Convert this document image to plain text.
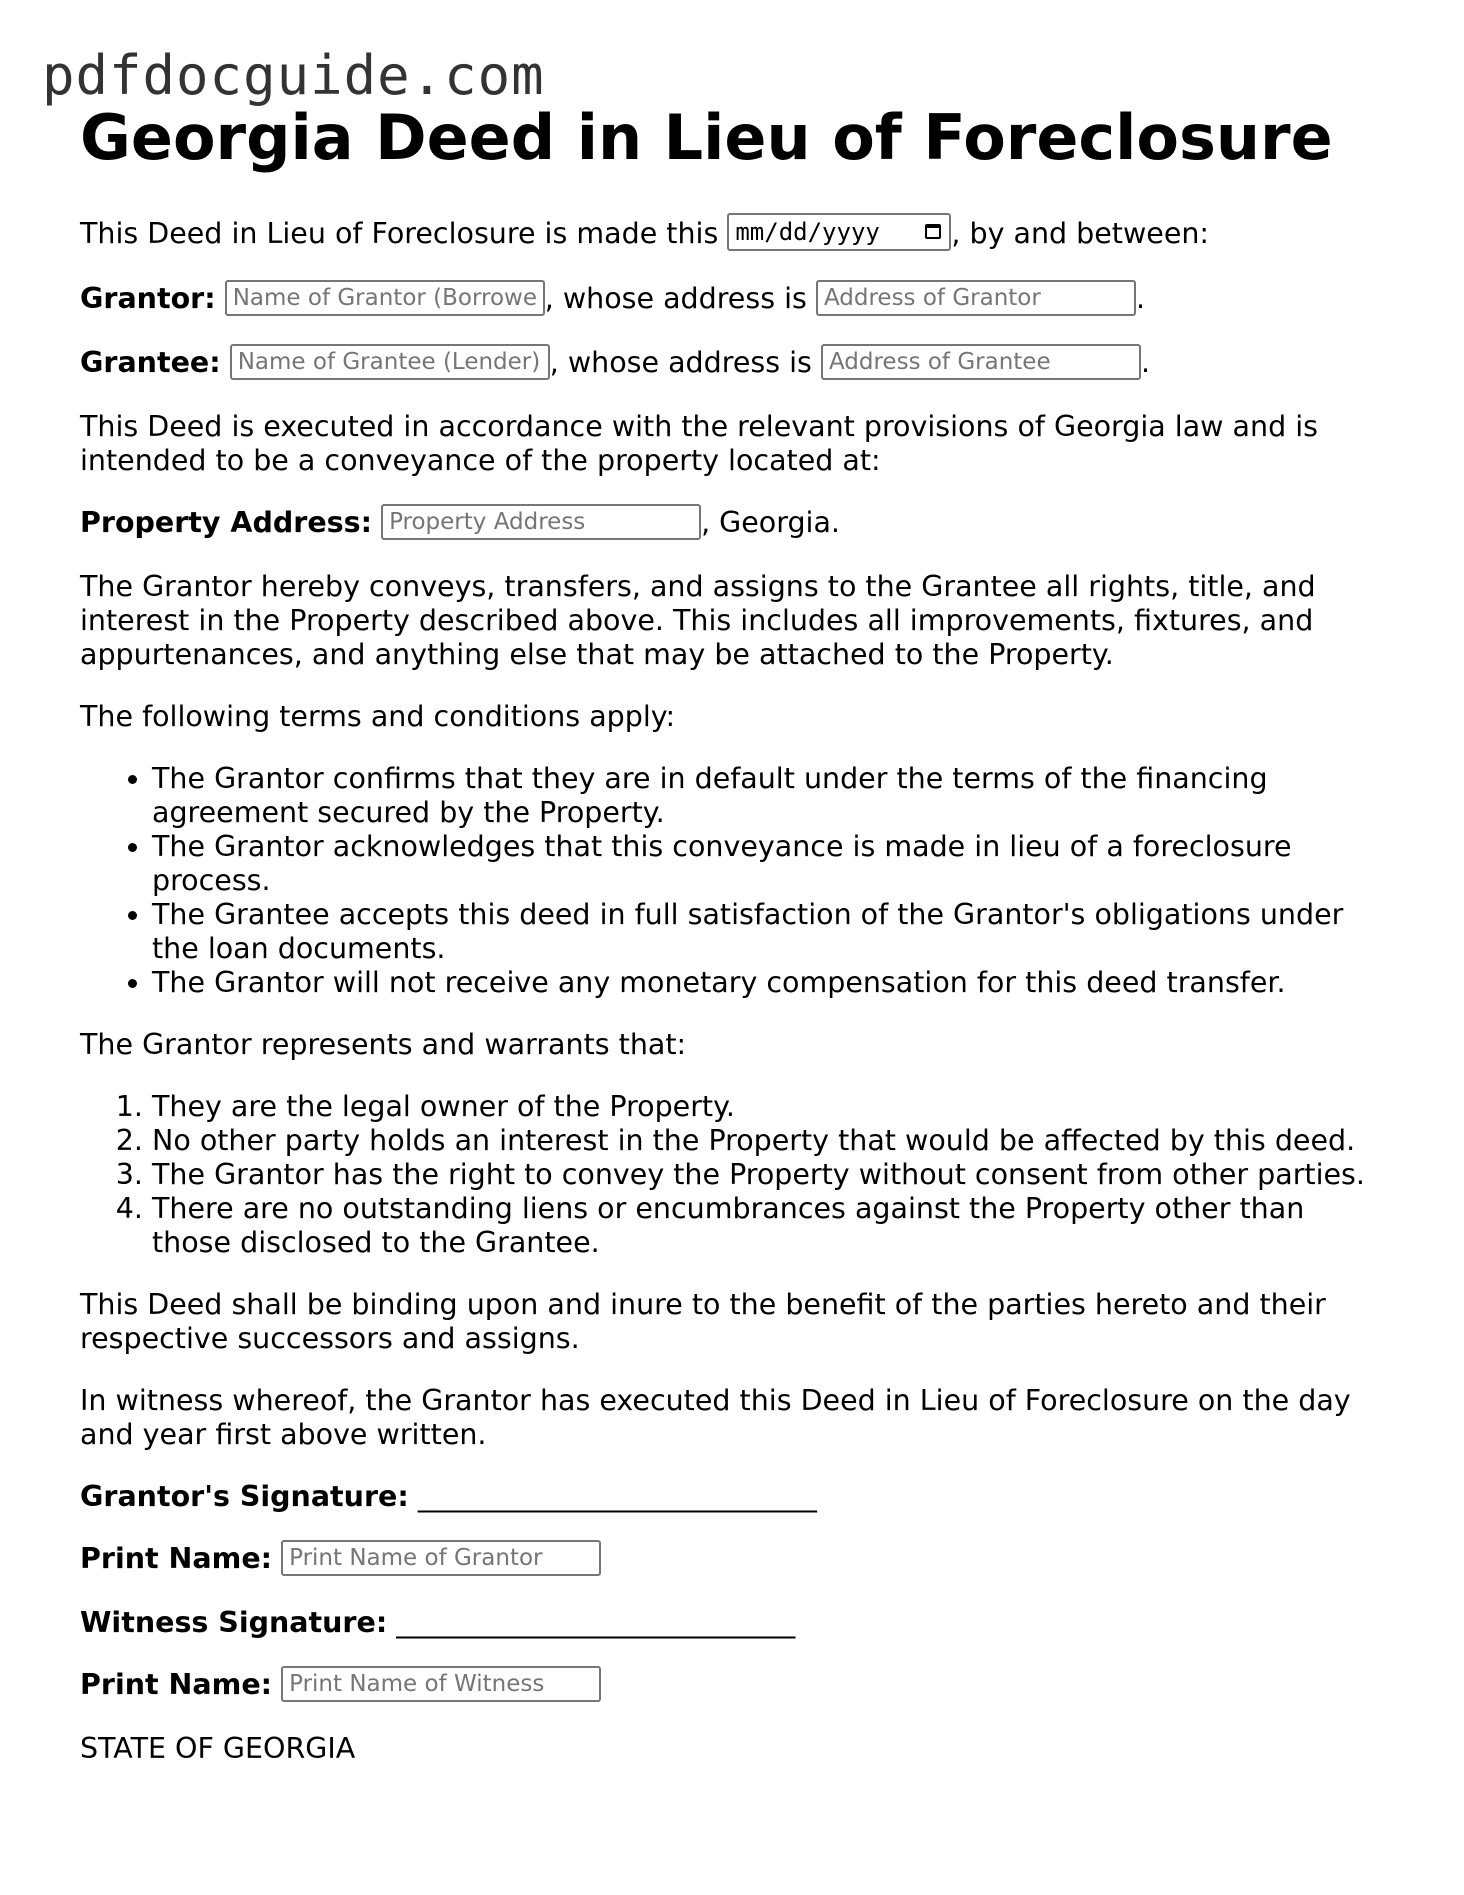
pdfdocguide.com
Georgia Deed in Lieu of Foreclosure
This Deed in Lieu of Foreclosure is made this mm/dd/yyyy	, by and between:
Grantor: Name of Grantor (Borrower)	, whose address is Address of Grantor	.
Grantee: Name of Grantee (Lender)	, whose address is Address of Grantee	.

This Deed is executed in accordance with the relevant provisions of Georgia law and is intended to be a conveyance of the property located at:

Property Address: Property Address	, Georgia.

The Grantor hereby conveys, transfers, and assigns to the Grantee all rights, title, and interest in the Property described above. This includes all improvements, fixtures, and appurtenances, and anything else that may be attached to the Property.

The following terms and conditions apply:

• The Grantor confirms that they are in default under the terms of the financing agreement secured by the Property.
• The Grantor acknowledges that this conveyance is made in lieu of a foreclosure process.
• The Grantee accepts this deed in full satisfaction of the Grantor's obligations under the loan documents.
• The Grantor will not receive any monetary compensation for this deed transfer.

The Grantor represents and warrants that:

1. They are the legal owner of the Property.
2. No other party holds an interest in the Property that would be affected by this deed.
3. The Grantor has the right to convey the Property without consent from other parties.
4. There are no outstanding liens or encumbrances against the Property other than those disclosed to the Grantee.

This Deed shall be binding upon and inure to the benefit of the parties hereto and their respective successors and assigns.

In witness whereof, the Grantor has executed this Deed in Lieu of Foreclosure on the day and year first above written.

Grantor's Signature: ____________________________
Print Name: Print Name of Grantor
Witness Signature: ____________________________
Print Name: Print Name of Witness

STATE OF GEORGIA
